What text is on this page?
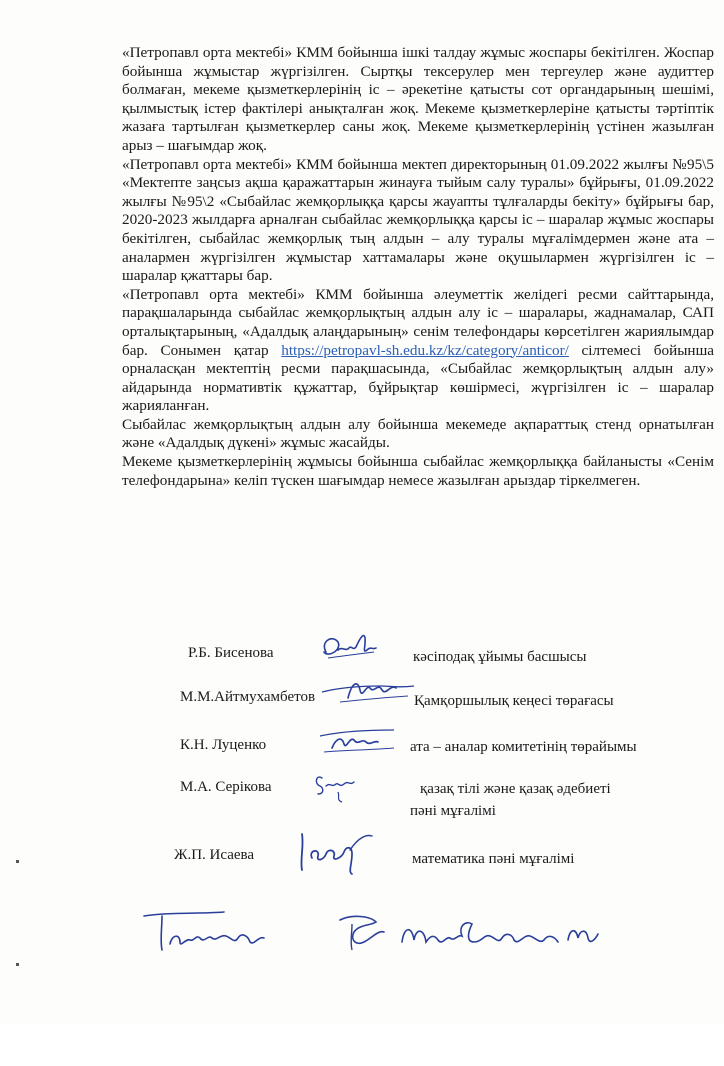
«Петропавл орта мектебі» КММ бойынша ішкі талдау жұмыс жоспары бекітілген. Жоспар бойынша жұмыстар жүргізілген. Сыртқы тексерулер мен тергеулер және аудиттер болмаған, мекеме қызметкерлерінің іс – әрекетіне қатысты сот органдарының шешімі, қылмыстық істер фактілері анықталған жоқ. Мекеме қызметкерлеріне қатысты тәртіптік жазаға тартылған қызметкерлер саны жоқ. Мекеме қызметкерлерінің үстінен жазылған арыз – шағымдар жоқ.

«Петропавл орта мектебі» КММ бойынша мектеп директорының 01.09.2022 жылғы №95\5 «Мектепте заңсыз ақша қаражаттарын жинауға тыйым салу туралы» бұйрығы, 01.09.2022 жылғы №95\2 «Сыбайлас жемқорлыққа қарсы жауапты тұлғаларды бекіту» бұйрығы бар, 2020-2023 жылдарға арналған сыбайлас жемқорлыққа қарсы іс – шаралар жұмыс жоспары бекітілген, сыбайлас жемқорлық тың алдын – алу туралы мұғалімдермен және ата – аналармен жүргізілген жұмыстар хаттамалары және оқушылармен жүргізілген іс – шаралар қжаттары бар.

«Петропавл орта мектебі» КММ бойынша әлеуметтік желідегі ресми сайттарында, парақшаларында сыбайлас жемқорлықтың алдын алу іс – шаралары, жаднамалар, САП орталықтарының, «Адалдық алаңдарының» сенім телефондары көрсетілген жариялымдар бар. Сонымен қатар https://petropavl-sh.edu.kz/kz/category/anticor/ сілтемесі бойынша орналасқан мектептің ресми парақшасында, «Сыбайлас жемқорлықтың алдын алу» айдарында нормативтік құжаттар, бұйрықтар көшірмесі, жүргізілген іс – шаралар жарияланған.

Сыбайлас жемқорлықтың алдын алу бойынша мекемеде ақпараттық стенд орнатылған және «Адалдық дүкені» жұмыс жасайды.

Мекеме қызметкерлерінің жұмысы бойынша сыбайлас жемқорлыққа байланысты «Сенім телефондарына» келіп түскен шағымдар немесе жазылған арыздар тіркелмеген.

Р.Б. Бисенова	кәсіподақ ұйымы басшысы
М.М.Айтмухамбетов	Қамқоршылық кеңесі төрағасы
К.Н. Луценко	ата – аналар комитетінің төрайымы
М.А. Серікова	қазақ тілі және қазақ әдебиеті
пәні мұғалімі
Ж.П. Исаева	математика пәні мұғалімі
